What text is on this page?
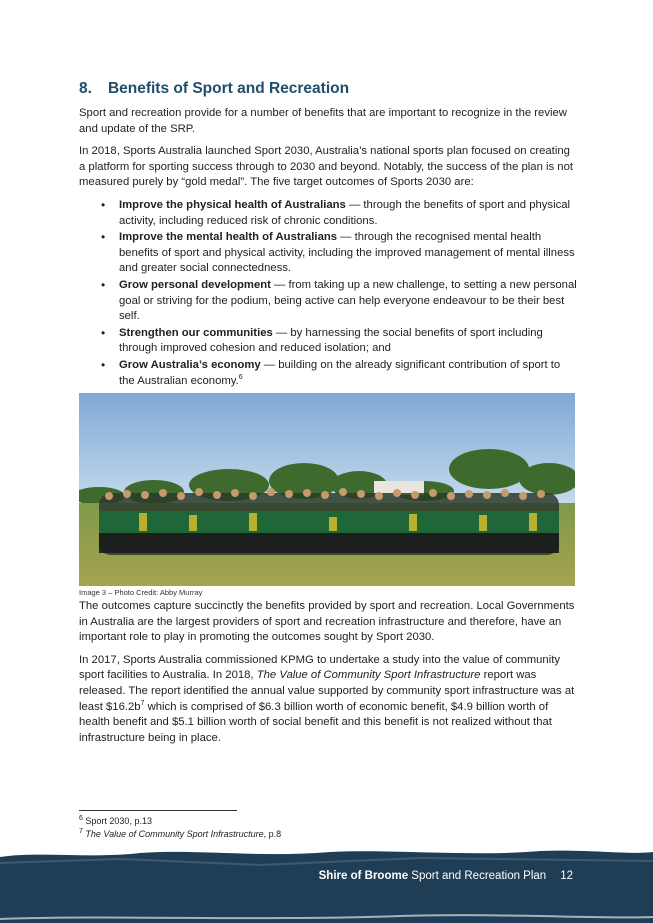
8. Benefits of Sport and Recreation

Sport and recreation provide for a number of benefits that are important to recognize in the review and update of the SRP.

In 2018, Sports Australia launched Sport 2030, Australia’s national sports plan focused on creating a platform for sporting success through to 2030 and beyond. Notably, the success of the plan is not measured purely by “gold medal”. The five target outcomes of Sports 2030 are:

• Improve the physical health of Australians — through the benefits of sport and physical activity, including reduced risk of chronic conditions.
• Improve the mental health of Australians — through the recognised mental health benefits of sport and physical activity, including the improved management of mental illness and greater social connectedness.
• Grow personal development — from taking up a new challenge, to setting a new personal goal or striving for the podium, being active can help everyone endeavour to be their best self.
• Strengthen our communities — by harnessing the social benefits of sport including through improved cohesion and reduced isolation; and
• Grow Australia’s economy — building on the already significant contribution of sport to the Australian economy.$^6$
Image 3 – Photo Credit: Abby Murray

The outcomes capture succinctly the benefits provided by sport and recreation. Local Governments in Australia are the largest providers of sport and recreation infrastructure and therefore, have an important role to play in promoting the outcomes sought by Sport 2030.

In 2017, Sports Australia commissioned KPMG to undertake a study into the value of community sport facilities to Australia. In 2018, The Value of Community Sport Infrastructure report was released. The report identified the annual value supported by community sport infrastructure was at least $\$16.2b^7$ which is comprised of $6.3 billion worth of economic benefit, $4.9 billion worth of health benefit and $5.1 billion worth of social benefit and this benefit is not realized without that infrastructure being in place.

$^6$ Sport 2030, p.13
$^7$ The Value of Community Sport Infrastructure, p.8
Shire of Broome Sport and Recreation Plan 12
